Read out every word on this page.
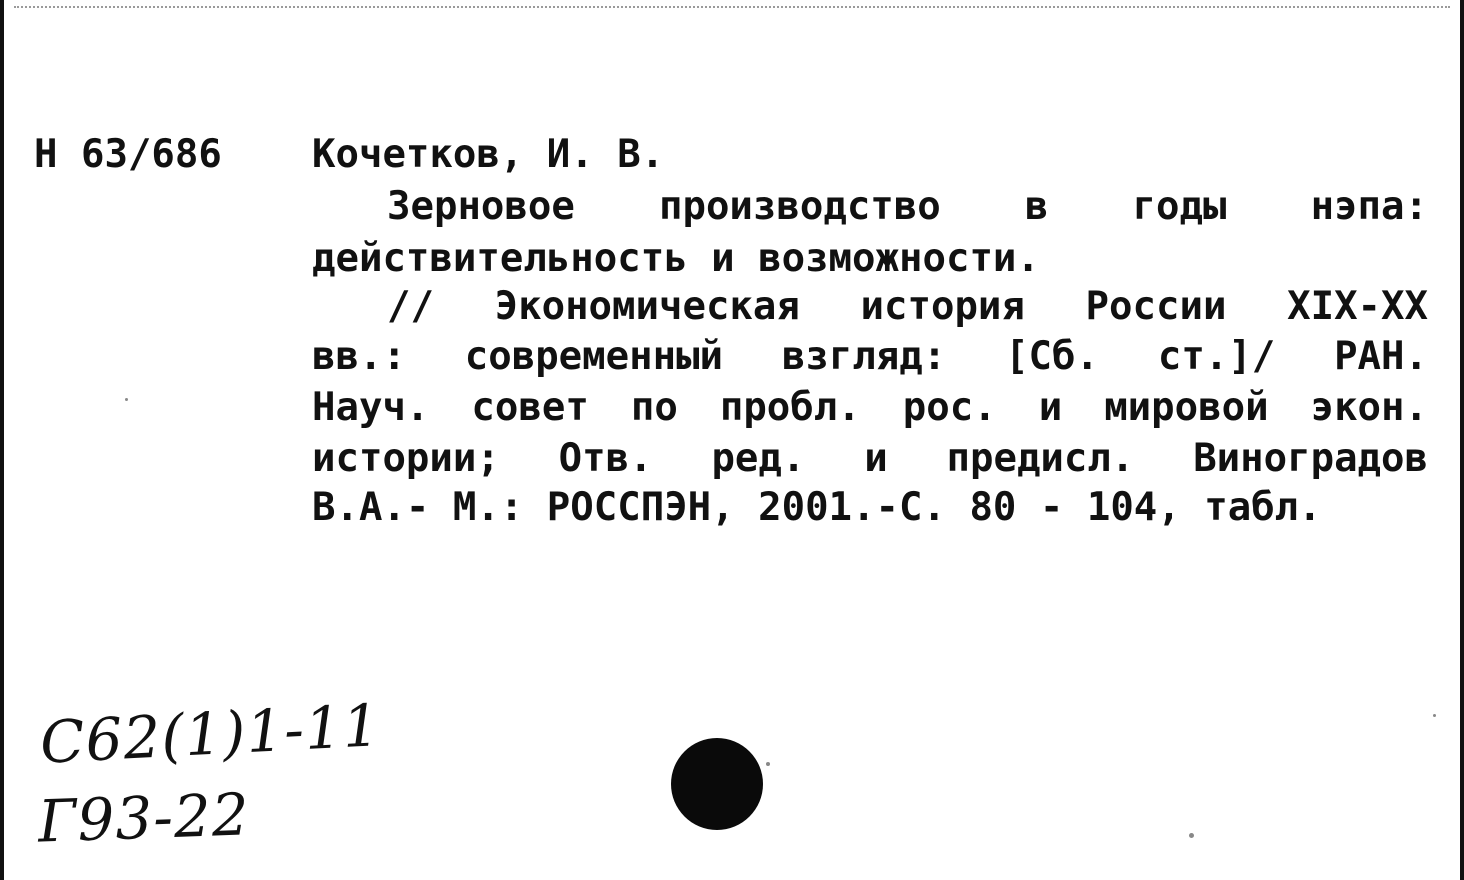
Н 63/686 Кочетков, И. В.
Зерновое производство в годы нэпа:
действительность и возможности.
// Экономическая история России XIX-XX
вв.: современный взгляд: [Сб. ст.]/ РАН.
Науч. совет по пробл. рос. и мировой экон.
истории; Отв. ред. и предисл. Виноградов
В.А.- М.: РОССПЭН, 2001.-С. 80 - 104, табл.
С62(1)1-11
Г93-22
